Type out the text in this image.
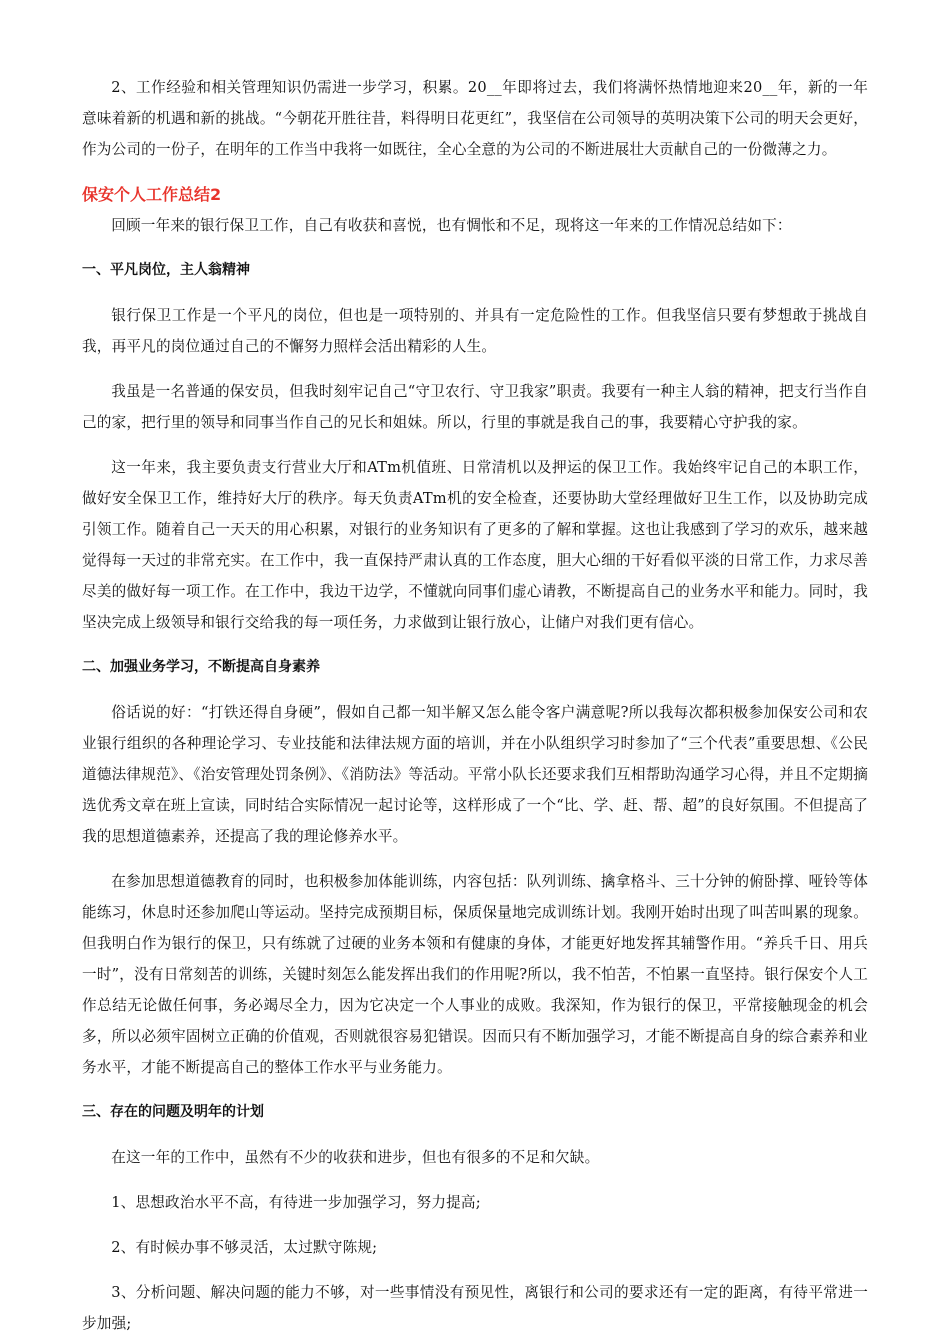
2、工作经验和相关管理知识仍需进一步学习，积累。20__年即将过去，我们将满怀热情地迎来20__年，新的一年意味着新的机遇和新的挑战。“今朝花开胜往昔，料得明日花更红”，我坚信在公司领导的英明决策下公司的明天会更好，作为公司的一份子，在明年的工作当中我将一如既往，全心全意的为公司的不断进展壮大贡献自己的一份微薄之力。

保安个人工作总结2

回顾一年来的银行保卫工作，自己有收获和喜悦，也有惆怅和不足，现将这一年来的工作情况总结如下：

一、平凡岗位，主人翁精神

银行保卫工作是一个平凡的岗位，但也是一项特别的、并具有一定危险性的工作。但我坚信只要有梦想敢于挑战自我，再平凡的岗位通过自己的不懈努力照样会活出精彩的人生。

我虽是一名普通的保安员，但我时刻牢记自己“守卫农行、守卫我家”职责。我要有一种主人翁的精神，把支行当作自己的家，把行里的领导和同事当作自己的兄长和姐妹。所以，行里的事就是我自己的事，我要精心守护我的家。

这一年来，我主要负责支行营业大厅和ATm机值班、日常清机以及押运的保卫工作。我始终牢记自己的本职工作，做好安全保卫工作，维持好大厅的秩序。每天负责ATm机的安全检查，还要协助大堂经理做好卫生工作，以及协助完成引领工作。随着自己一天天的用心积累，对银行的业务知识有了更多的了解和掌握。这也让我感到了学习的欢乐，越来越觉得每一天过的非常充实。在工作中，我一直保持严肃认真的工作态度，胆大心细的干好看似平淡的日常工作，力求尽善尽美的做好每一项工作。在工作中，我边干边学，不懂就向同事们虚心请教，不断提高自己的业务水平和能力。同时，我坚决完成上级领导和银行交给我的每一项任务，力求做到让银行放心，让储户对我们更有信心。

二、加强业务学习，不断提高自身素养

俗话说的好：“打铁还得自身硬”，假如自己都一知半解又怎么能令客户满意呢?所以我每次都积极参加保安公司和农业银行组织的各种理论学习、专业技能和法律法规方面的培训，并在小队组织学习时参加了“三个代表”重要思想、《公民道德法律规范》、《治安管理处罚条例》、《消防法》等活动。平常小队长还要求我们互相帮助沟通学习心得，并且不定期摘选优秀文章在班上宣读，同时结合实际情况一起讨论等，这样形成了一个“比、学、赶、帮、超”的良好氛围。不但提高了我的思想道德素养，还提高了我的理论修养水平。

在参加思想道德教育的同时，也积极参加体能训练，内容包括：队列训练、擒拿格斗、三十分钟的俯卧撑、哑铃等体能练习，休息时还参加爬山等运动。坚持完成预期目标，保质保量地完成训练计划。我刚开始时出现了叫苦叫累的现象。但我明白作为银行的保卫，只有练就了过硬的业务本领和有健康的身体，才能更好地发挥其辅警作用。“养兵千日、用兵一时”，没有日常刻苦的训练，关键时刻怎么能发挥出我们的作用呢?所以，我不怕苦，不怕累一直坚持。银行保安个人工作总结无论做任何事，务必竭尽全力，因为它决定一个人事业的成败。我深知，作为银行的保卫，平常接触现金的机会多，所以必须牢固树立正确的价值观，否则就很容易犯错误。因而只有不断加强学习，才能不断提高自身的综合素养和业务水平，才能不断提高自己的整体工作水平与业务能力。

三、存在的问题及明年的计划

在这一年的工作中，虽然有不少的收获和进步，但也有很多的不足和欠缺。

1、思想政治水平不高，有待进一步加强学习，努力提高;

2、有时候办事不够灵活，太过默守陈规;

3、分析问题、解决问题的能力不够，对一些事情没有预见性，离银行和公司的要求还有一定的距离，有待平常进一步加强;
